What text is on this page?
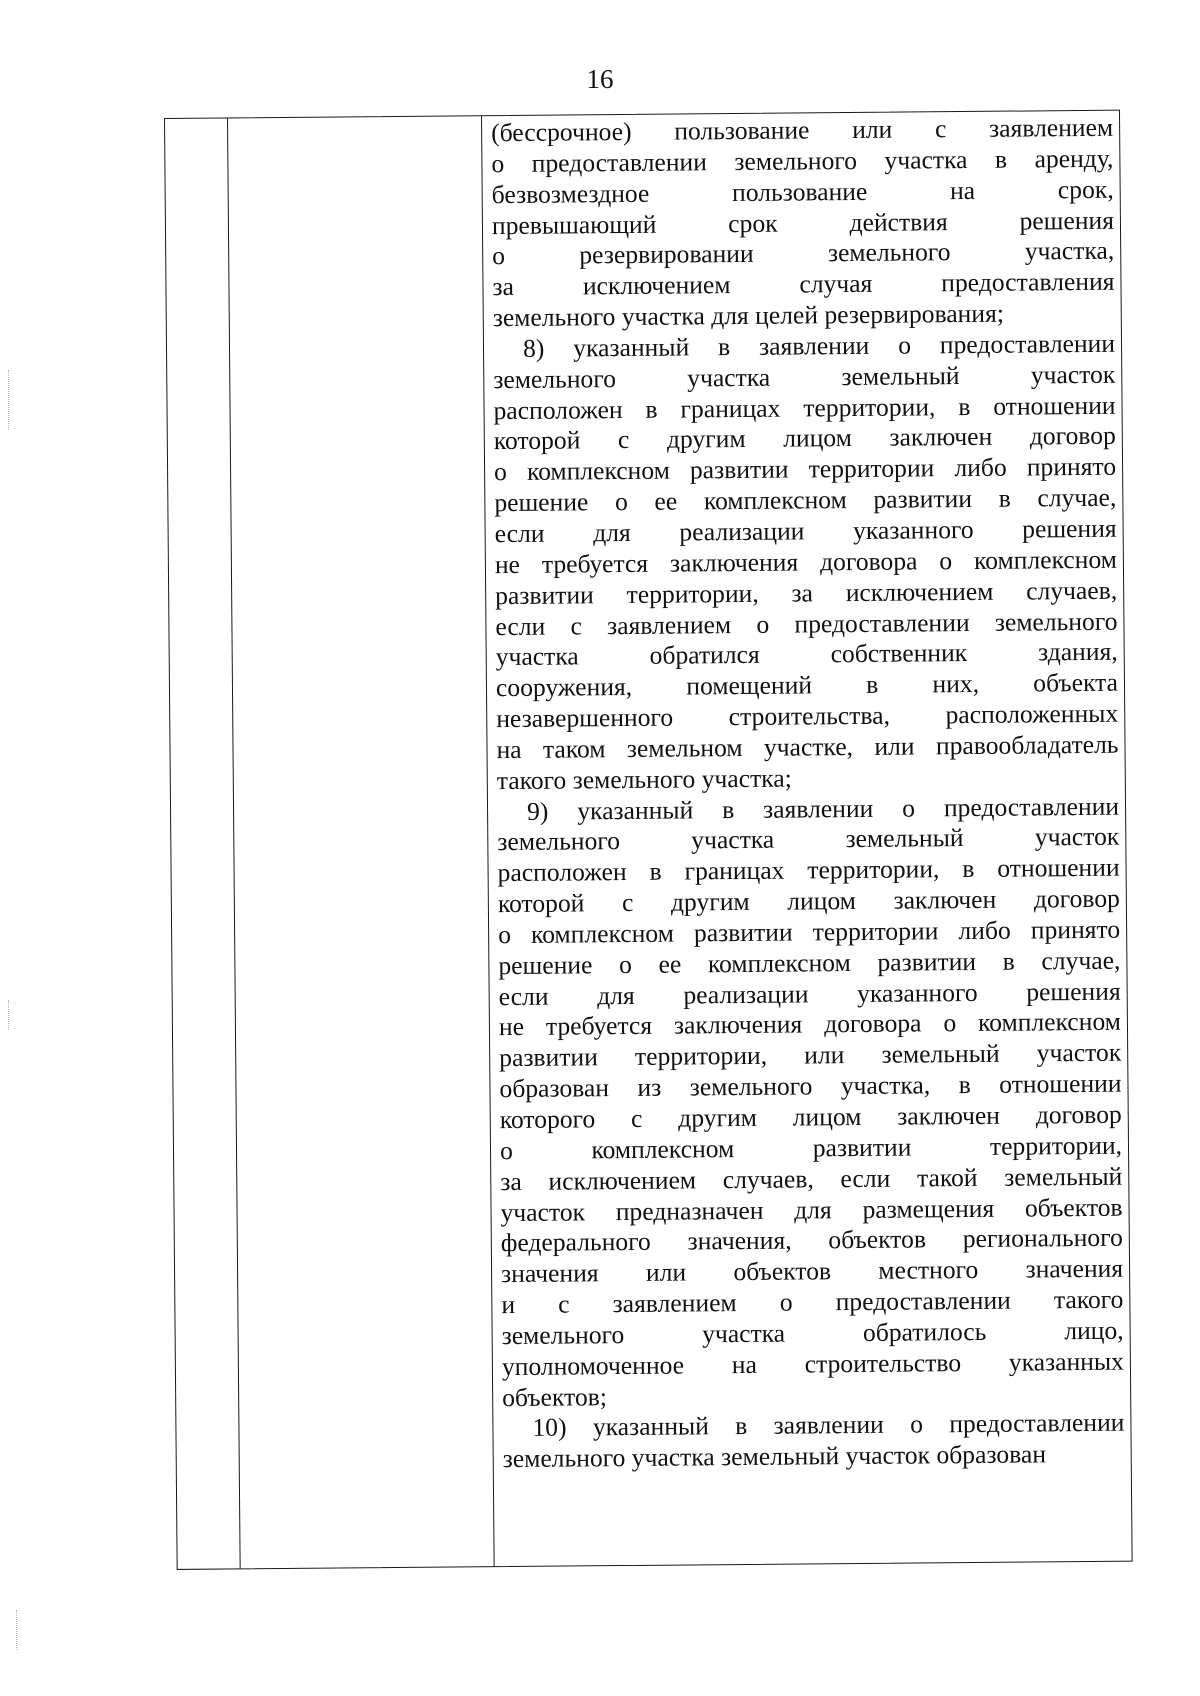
16
(бессрочное) пользование или с заявлением
о предоставлении земельного участка в аренду,
безвозмездное пользование на срок,
превышающий срок действия решения
о резервировании земельного участка,
за исключением случая предоставления
земельного участка для целей резервирования;
8) указанный в заявлении о предоставлении
земельного участка земельный участок
расположен в границах территории, в отношении
которой с другим лицом заключен договор
о комплексном развитии территории либо принято
решение о ее комплексном развитии в случае,
если для реализации указанного решения
не требуется заключения договора о комплексном
развитии территории, за исключением случаев,
если с заявлением о предоставлении земельного
участка обратился собственник здания,
сооружения, помещений в них, объекта
незавершенного строительства, расположенных
на таком земельном участке, или правообладатель
такого земельного участка;
9) указанный в заявлении о предоставлении
земельного участка земельный участок
расположен в границах территории, в отношении
которой с другим лицом заключен договор
о комплексном развитии территории либо принято
решение о ее комплексном развитии в случае,
если для реализации указанного решения
не требуется заключения договора о комплексном
развитии территории, или земельный участок
образован из земельного участка, в отношении
которого с другим лицом заключен договор
о комплексном развитии территории,
за исключением случаев, если такой земельный
участок предназначен для размещения объектов
федерального значения, объектов регионального
значения или объектов местного значения
и с заявлением о предоставлении такого
земельного участка обратилось лицо,
уполномоченное на строительство указанных
объектов;
10) указанный в заявлении о предоставлении
земельного участка земельный участок образован
